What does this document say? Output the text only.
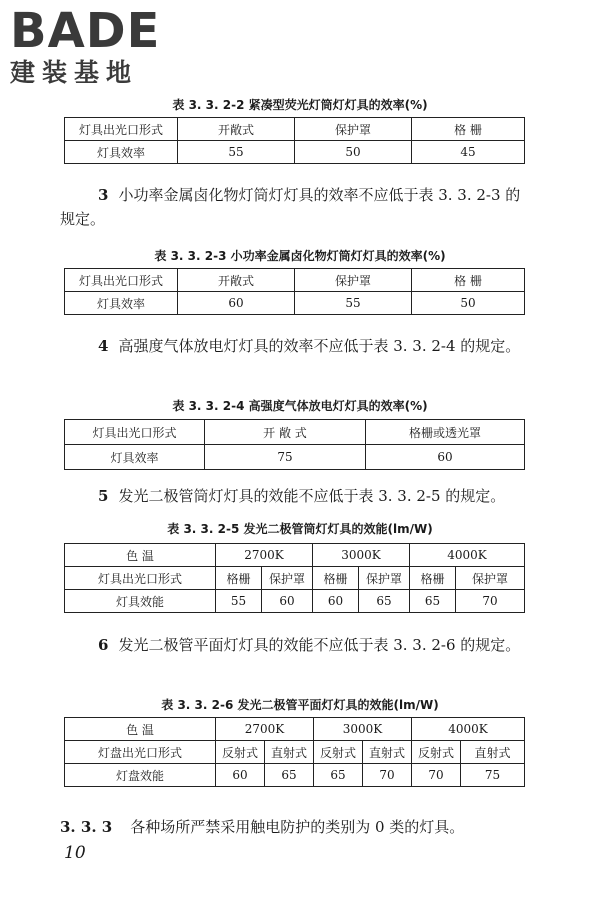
BADE
建装基地
表 3. 3. 2-2 紧凑型荧光灯筒灯灯具的效率(%)
灯具出光口形式	开敞式	保护罩	格 栅
灯具效率	55	50	45
3 小功率金属卤化物灯筒灯灯具的效率不应低于表 3. 3. 2-3 的规定。
表 3. 3. 2-3 小功率金属卤化物灯筒灯灯具的效率(%)
灯具出光口形式	开敞式	保护罩	格 栅
灯具效率	60	55	50
4 高强度气体放电灯灯具的效率不应低于表 3. 3. 2-4 的规定。
表 3. 3. 2-4 高强度气体放电灯灯具的效率(%)
灯具出光口形式	开 敞 式	格栅或透光罩
灯具效率	75	60
5 发光二极管筒灯灯具的效能不应低于表 3. 3. 2-5 的规定。
表 3. 3. 2-5 发光二极管筒灯灯具的效能(lm/W)
色 温	2700K		3000K		4000K	
灯具出光口形式	格栅	保护罩	格栅	保护罩	格栅	保护罩
灯具效能	55	60	60	65	65	70
6 发光二极管平面灯灯具的效能不应低于表 3. 3. 2-6 的规定。
表 3. 3. 2-6 发光二极管平面灯灯具的效能(lm/W)
色 温	2700K		3000K		4000K	
灯盘出光口形式	反射式	直射式	反射式	直射式	反射式	直射式
灯盘效能	60	65	65	70	70	75
3. 3. 3 各种场所严禁采用触电防护的类别为 0 类的灯具。
10
